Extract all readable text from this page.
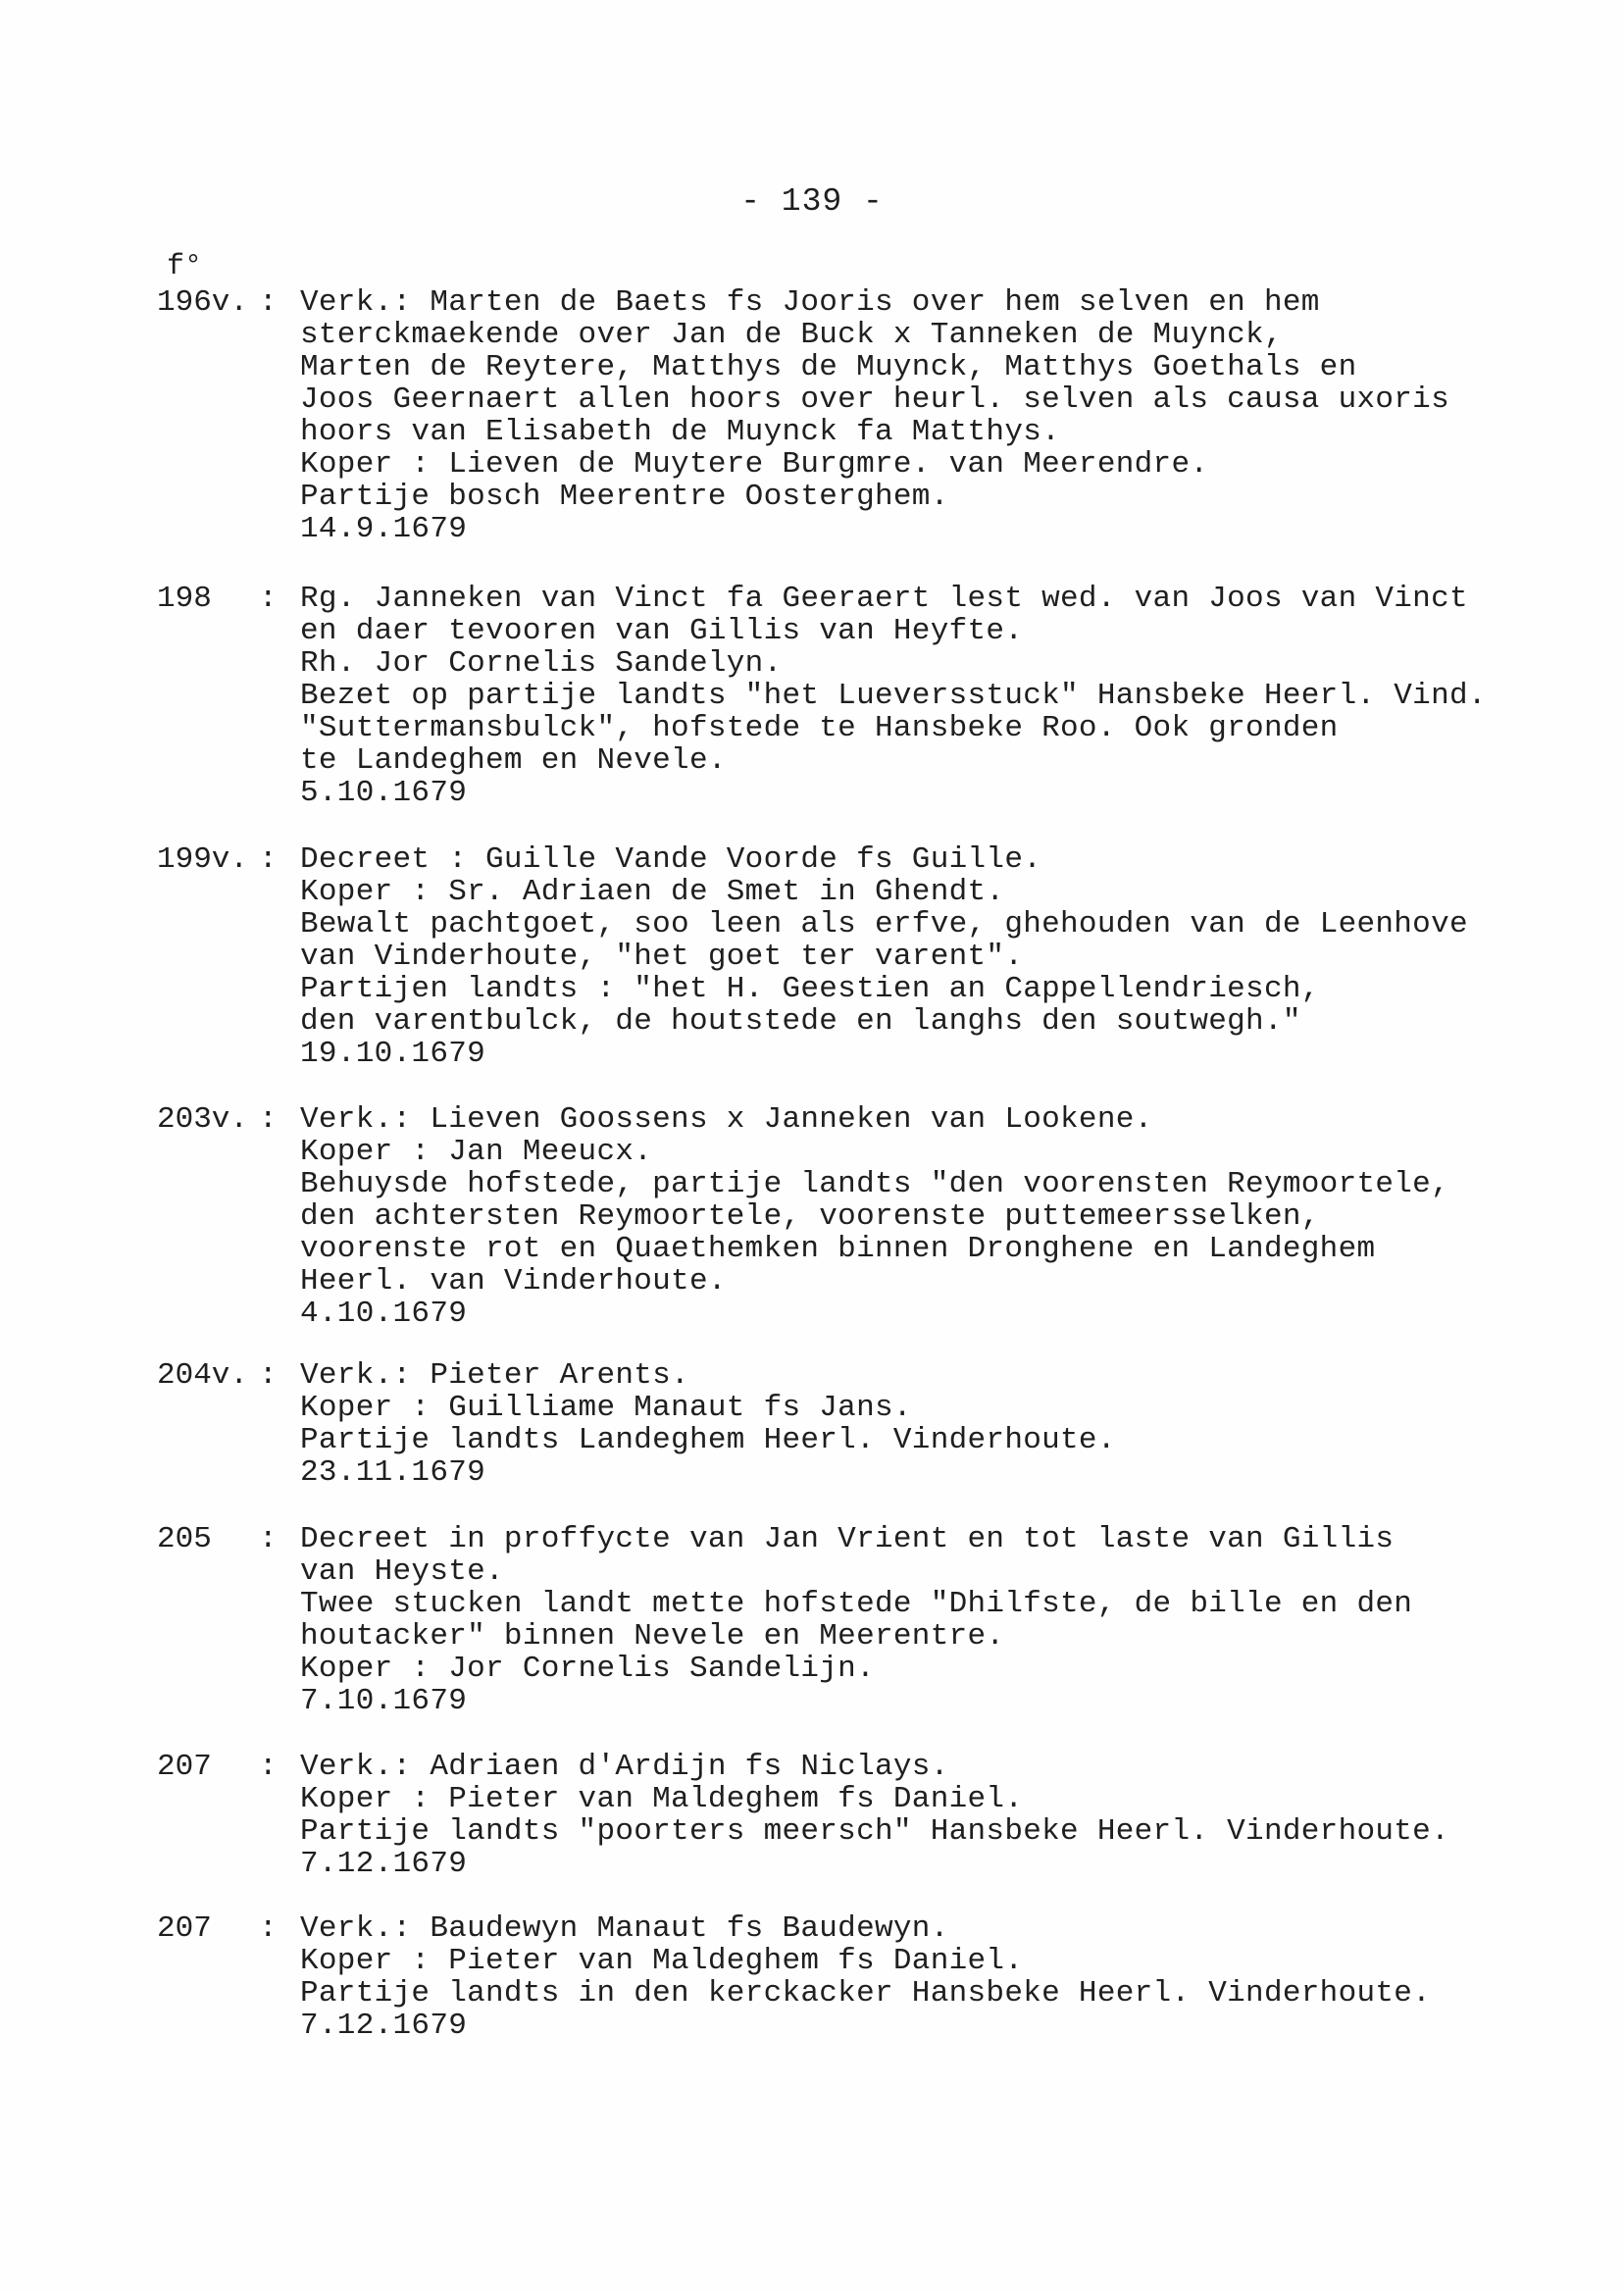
- 139 -
f°
196v. : Verk.: Marten de Baets fs Jooris over hem selven en hem
sterckmaekende over Jan de Buck x Tanneken de Muynck,
Marten de Reytere, Matthys de Muynck, Matthys Goethals en
Joos Geernaert allen hoors over heurl. selven als causa uxoris
hoors van Elisabeth de Muynck fa Matthys.
Koper : Lieven de Muytere Burgmre. van Meerendre.
Partije bosch Meerentre Oosterghem.
14.9.1679
198	: Rg. Janneken van Vinct fa Geeraert lest wed. van Joos van Vinct
en daer tevooren van Gillis van Heyfte.
Rh. Jor Cornelis Sandelyn.
Bezet op partije landts "het Lueversstuck" Hansbeke Heerl. Vind.
"Suttermansbulck", hofstede te Hansbeke Roo. Ook gronden
te Landeghem en Nevele.
5.10.1679
199v. : Decreet : Guille Vande Voorde fs Guille.
Koper : Sr. Adriaen de Smet in Ghendt.
Bewalt pachtgoet, soo leen als erfve, ghehouden van de Leenhove
van Vinderhoute, "het goet ter varent".
Partijen landts : "het H. Geestien an Cappellendriesch,
den varentbulck, de houtstede en langhs den soutwegh."
19.10.1679
203v. : Verk.: Lieven Goossens x Janneken van Lookene.
Koper : Jan Meeucx.
Behuysde hofstede, partije landts "den voorensten Reymoortele,
den achtersten Reymoortele, voorenste puttemeersselken,
voorenste rot en Quaethemken binnen Dronghene en Landeghem
Heerl. van Vinderhoute.
4.10.1679
204v. : Verk.: Pieter Arents.
Koper : Guilliame Manaut fs Jans.
Partije landts Landeghem Heerl. Vinderhoute.
23.11.1679
205	: Decreet in proffycte van Jan Vrient en tot laste van Gillis
van Heyste.
Twee stucken landt mette hofstede "Dhilfste, de bille en den
houtacker" binnen Nevele en Meerentre.
Koper : Jor Cornelis Sandelijn.
7.10.1679
207	: Verk.: Adriaen d'Ardijn fs Niclays.
Koper : Pieter van Maldeghem fs Daniel.
Partije landts "poorters meersch" Hansbeke Heerl. Vinderhoute.
7.12.1679
207	: Verk.: Baudewyn Manaut fs Baudewyn.
Koper : Pieter van Maldeghem fs Daniel.
Partije landts in den kerckacker Hansbeke Heerl. Vinderhoute.
7.12.1679
